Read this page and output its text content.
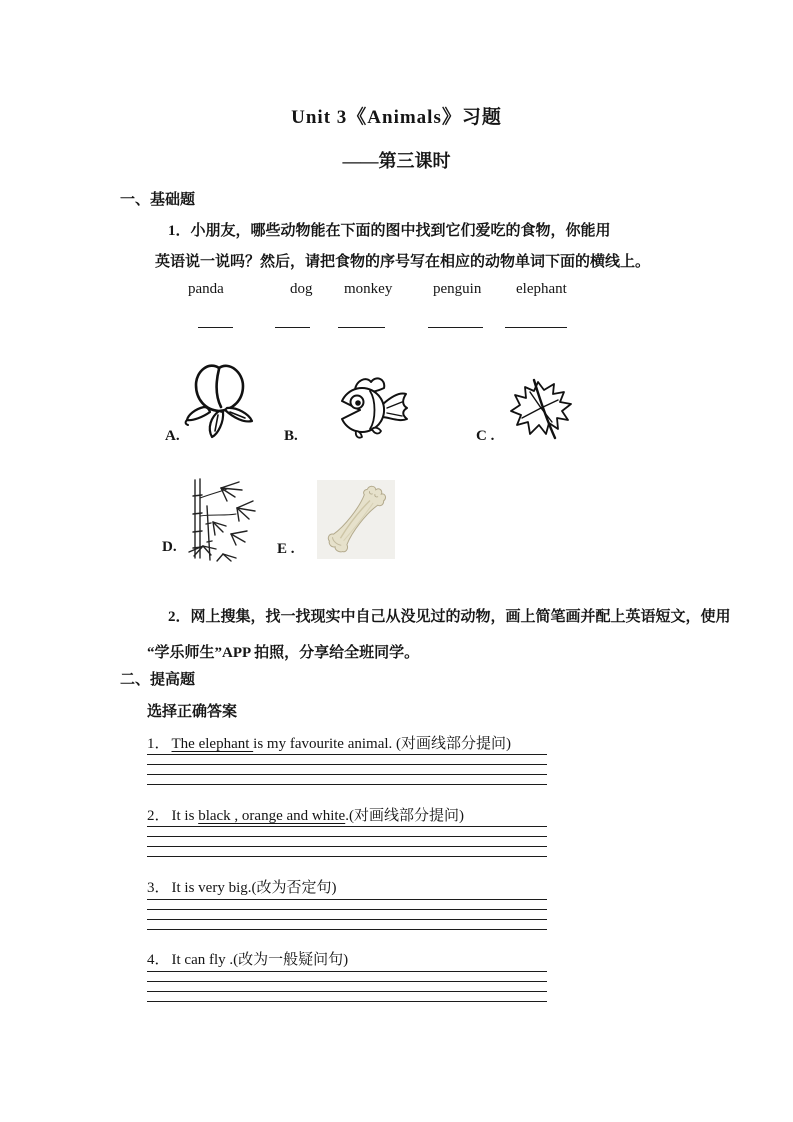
Unit 3《Animals》习题
——第三课时
一、基础题
1．小朋友，哪些动物能在下面的图中找到它们爱吃的食物，你能用
英语说一说吗？然后，请把食物的序号写在相应的动物单词下面的横线上。
panda	dog monkey	penguin elephant
A.	B.	C .
D.	E .
2．网上搜集，找一找现实中自己从没见过的动物，画上简笔画并配上英语短文，使用
“学乐师生”APP 拍照，分享给全班同学。
二、提高题
选择正确答案
1． The elephant is my favourite animal. (对画线部分提问)
2． It is black , orange and white.(对画线部分提问)
3． It is very big.(改为否定句)
4． It can fly .(改为一般疑问句)
